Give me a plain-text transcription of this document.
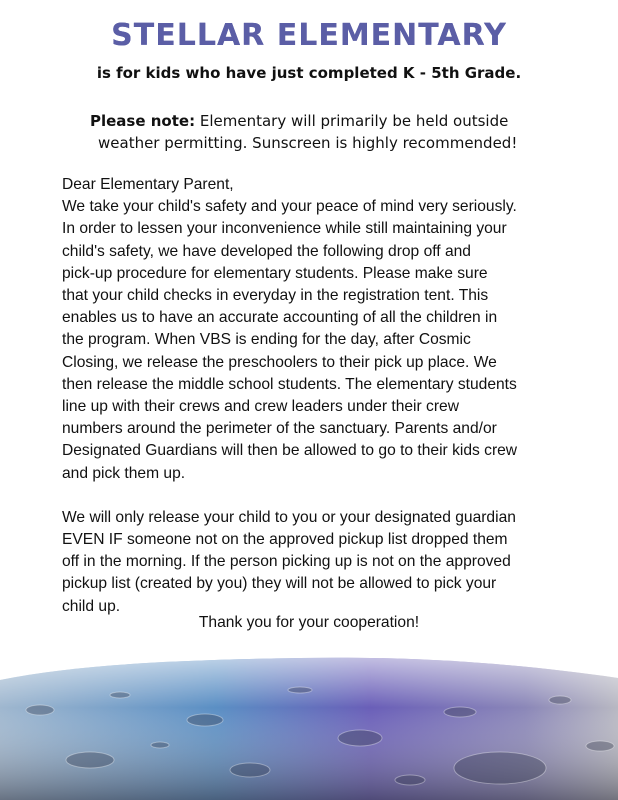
STELLAR ELEMENTARY
is for kids who have just completed K - 5th Grade.
Please note: Elementary will primarily be held outside
weather permitting. Sunscreen is highly recommended!
Dear Elementary Parent,
We take your child's safety and your peace of mind very seriously.
In order to lessen your inconvenience while still maintaining your
child's safety, we have developed the following drop off and
pick-up procedure for elementary students. Please make sure
that your child checks in everyday in the registration tent. This
enables us to have an accurate accounting of all the children in
the program. When VBS is ending for the day, after Cosmic
Closing, we release the preschoolers to their pick up place. We
then release the middle school students. The elementary students
line up with their crews and crew leaders under their crew
numbers around the perimeter of the sanctuary. Parents and/or
Designated Guardians will then be allowed to go to their kids crew
and pick them up.
We will only release your child to you or your designated guardian
EVEN IF someone not on the approved pickup list dropped them
off in the morning. If the person picking up is not on the approved
pickup list (created by you) they will not be allowed to pick your
child up.
Thank you for your cooperation!
